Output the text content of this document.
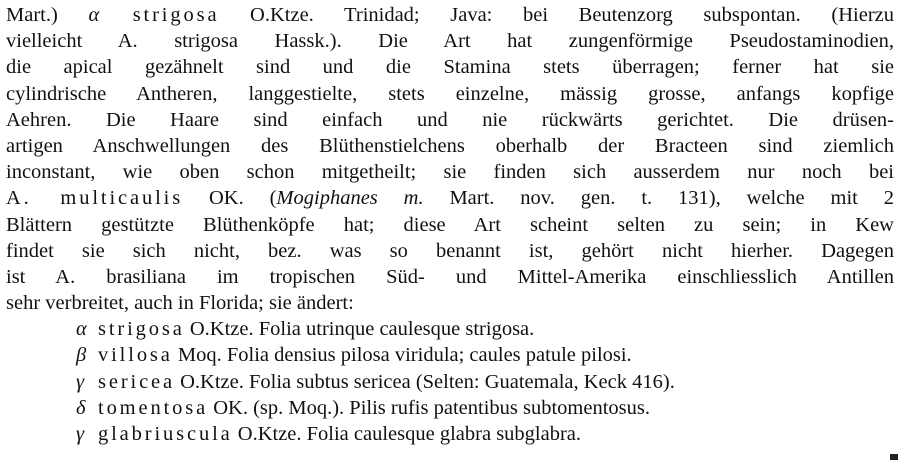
Mart.) α strigosa O.Ktze. Trinidad; Java: bei Beutenzorg subspontan. (Hierzu
vielleicht A. strigosa Hassk.). Die Art hat zungenförmige Pseudostaminodien,
die apical gezähnelt sind und die Stamina stets überragen; ferner hat sie
cylindrische Antheren, langgestielte, stets einzelne, mässig grosse, anfangs kopfige
Aehren. Die Haare sind einfach und nie rückwärts gerichtet. Die drüsen-
artigen Anschwellungen des Blüthenstielchens oberhalb der Bracteen sind ziemlich
inconstant, wie oben schon mitgetheilt; sie finden sich ausserdem nur noch bei
A. multicaulis OK. (Mogiphanes m. Mart. nov. gen. t. 131), welche mit 2
Blättern gestützte Blüthenköpfe hat; diese Art scheint selten zu sein; in Kew
findet sie sich nicht, bez. was so benannt ist, gehört nicht hierher. Dagegen
ist A. brasiliana im tropischen Süd- und Mittel-Amerika einschliesslich Antillen
sehr verbreitet, auch in Florida; sie ändert:
α strigosa O.Ktze. Folia utrinque caulesque strigosa.
β villosa Moq. Folia densius pilosa viridula; caules patule pilosi.
γ sericea O.Ktze. Folia subtus sericea (Selten: Guatemala, Keck 416).
δ tomentosa OK. (sp. Moq.). Pilis rufis patentibus subtomentosus.
γ glabriuscula O.Ktze. Folia caulesque glabra subglabra.
